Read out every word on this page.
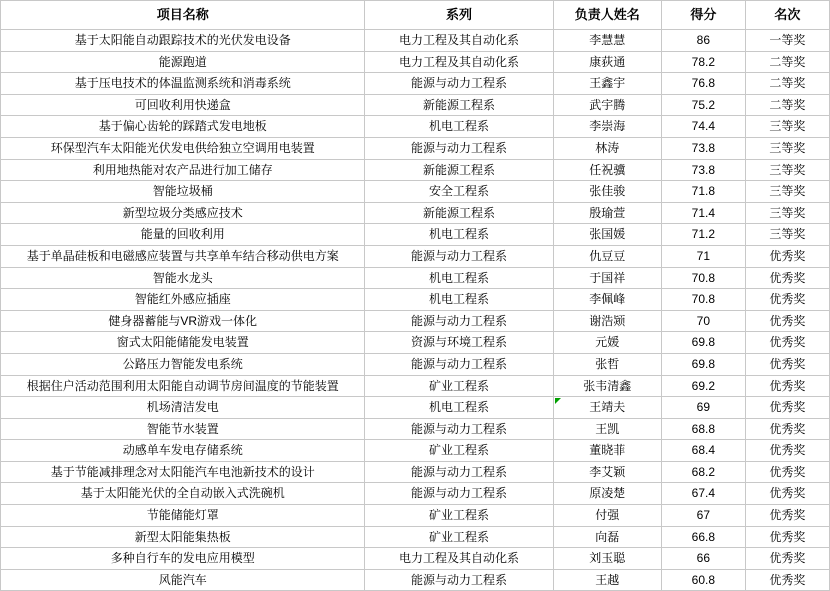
项目名称	系列	负责人姓名	得分	名次
基于太阳能自动跟踪技术的光伏发电设备	电力工程及其自动化系	李慧慧	86	一等奖
能源跑道	电力工程及其自动化系	康荻通	78.2	二等奖
基于压电技术的体温监测系统和消毒系统	能源与动力工程系	王鑫宇	76.8	二等奖
可回收利用快递盒	新能源工程系	武宇腾	75.2	二等奖
基于偏心齿轮的踩踏式发电地板	机电工程系	李崇海	74.4	三等奖
环保型汽车太阳能光伏发电供给独立空调用电装置	能源与动力工程系	林涛	73.8	三等奖
利用地热能对农产品进行加工储存	新能源工程系	任祝骥	73.8	三等奖
智能垃圾桶	安全工程系	张佳骏	71.8	三等奖
新型垃圾分类感应技术	新能源工程系	殷瑜萱	71.4	三等奖
能量的回收利用	机电工程系	张国媛	71.2	三等奖
基于单晶硅板和电磁感应装置与共享单车结合移动供电方案	能源与动力工程系	仇豆豆	71	优秀奖
智能水龙头	机电工程系	于国祥	70.8	优秀奖
智能红外感应插座	机电工程系	李佩峰	70.8	优秀奖
健身器蓄能与VR游戏一体化	能源与动力工程系	谢浩颎	70	优秀奖
窗式太阳能储能发电装置	资源与环境工程系	元媛	69.8	优秀奖
公路压力智能发电系统	能源与动力工程系	张哲	69.8	优秀奖
根据住户活动范围利用太阳能自动调节房间温度的节能装置	矿业工程系	张韦清鑫	69.2	优秀奖
机场清洁发电	机电工程系	王靖夫	69	优秀奖
智能节水装置	能源与动力工程系	王凯	68.8	优秀奖
动感单车发电存储系统	矿业工程系	董晓菲	68.4	优秀奖
基于节能减排理念对太阳能汽车电池新技术的设计	能源与动力工程系	李艾颖	68.2	优秀奖
基于太阳能光伏的全自动嵌入式洗碗机	能源与动力工程系	原凌楚	67.4	优秀奖
节能储能灯罩	矿业工程系	付强	67	优秀奖
新型太阳能集热板	矿业工程系	向磊	66.8	优秀奖
多种自行车的发电应用模型	电力工程及其自动化系	刘玉聪	66	优秀奖
风能汽车	能源与动力工程系	王越	60.8	优秀奖
